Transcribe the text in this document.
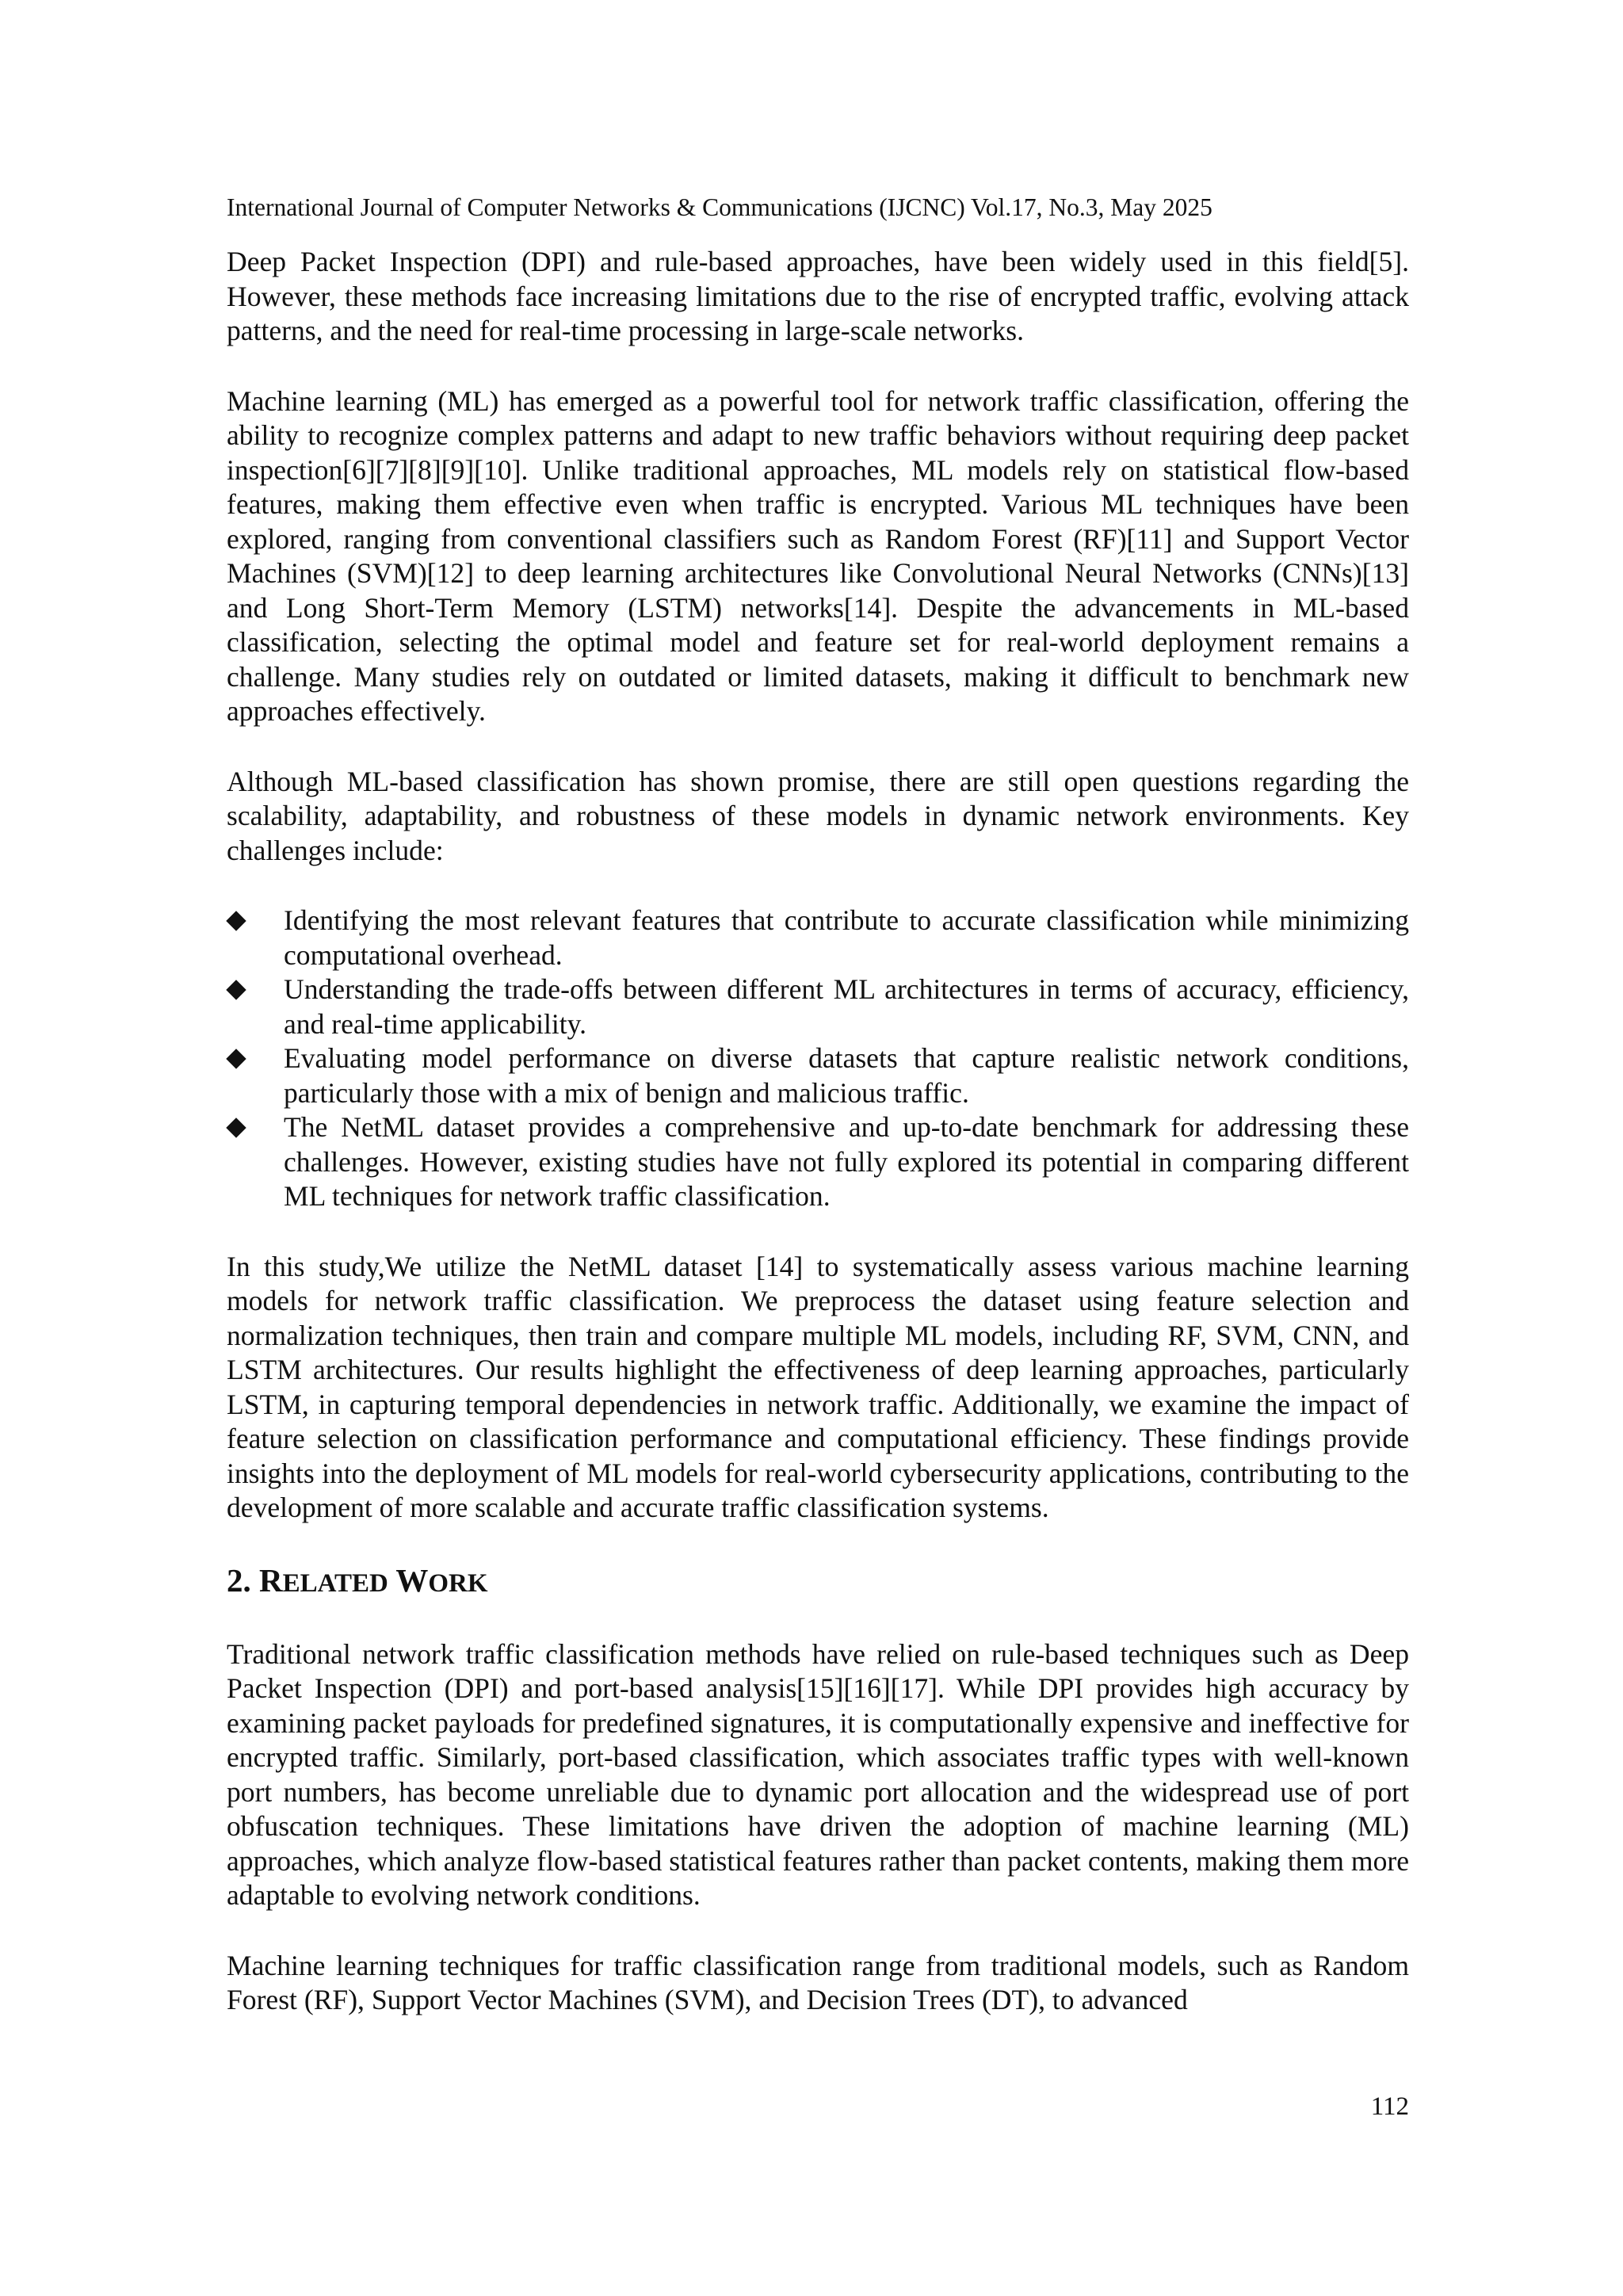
International Journal of Computer Networks & Communications (IJCNC) Vol.17, No.3, May 2025

Deep Packet Inspection (DPI) and rule-based approaches, have been widely used in this field[5]. However, these methods face increasing limitations due to the rise of encrypted traffic, evolving attack patterns, and the need for real-time processing in large-scale networks.

Machine learning (ML) has emerged as a powerful tool for network traffic classification, offering the ability to recognize complex patterns and adapt to new traffic behaviors without requiring deep packet inspection[6][7][8][9][10]. Unlike traditional approaches, ML models rely on statistical flow-based features, making them effective even when traffic is encrypted. Various ML techniques have been explored, ranging from conventional classifiers such as Random Forest (RF)[11] and Support Vector Machines (SVM)[12] to deep learning architectures like Convolutional Neural Networks (CNNs)[13] and Long Short-Term Memory (LSTM) networks[14]. Despite the advancements in ML-based classification, selecting the optimal model and feature set for real-world deployment remains a challenge. Many studies rely on outdated or limited datasets, making it difficult to benchmark new approaches effectively.

Although ML-based classification has shown promise, there are still open questions regarding the scalability, adaptability, and robustness of these models in dynamic network environments. Key challenges include:

Identifying the most relevant features that contribute to accurate classification while minimizing computational overhead.
Understanding the trade-offs between different ML architectures in terms of accuracy, efficiency, and real-time applicability.
Evaluating model performance on diverse datasets that capture realistic network conditions, particularly those with a mix of benign and malicious traffic.
The NetML dataset provides a comprehensive and up-to-date benchmark for addressing these challenges. However, existing studies have not fully explored its potential in comparing different ML techniques for network traffic classification.

In this study,We utilize the NetML dataset [14] to systematically assess various machine learning models for network traffic classification. We preprocess the dataset using feature selection and normalization techniques, then train and compare multiple ML models, including RF, SVM, CNN, and LSTM architectures. Our results highlight the effectiveness of deep learning approaches, particularly LSTM, in capturing temporal dependencies in network traffic. Additionally, we examine the impact of feature selection on classification performance and computational efficiency. These findings provide insights into the deployment of ML models for real-world cybersecurity applications, contributing to the development of more scalable and accurate traffic classification systems.

2. RELATED WORK

Traditional network traffic classification methods have relied on rule-based techniques such as Deep Packet Inspection (DPI) and port-based analysis[15][16][17]. While DPI provides high accuracy by examining packet payloads for predefined signatures, it is computationally expensive and ineffective for encrypted traffic. Similarly, port-based classification, which associates traffic types with well-known port numbers, has become unreliable due to dynamic port allocation and the widespread use of port obfuscation techniques. These limitations have driven the adoption of machine learning (ML) approaches, which analyze flow-based statistical features rather than packet contents, making them more adaptable to evolving network conditions.

Machine learning techniques for traffic classification range from traditional models, such as Random Forest (RF), Support Vector Machines (SVM), and Decision Trees (DT), to advanced

112
